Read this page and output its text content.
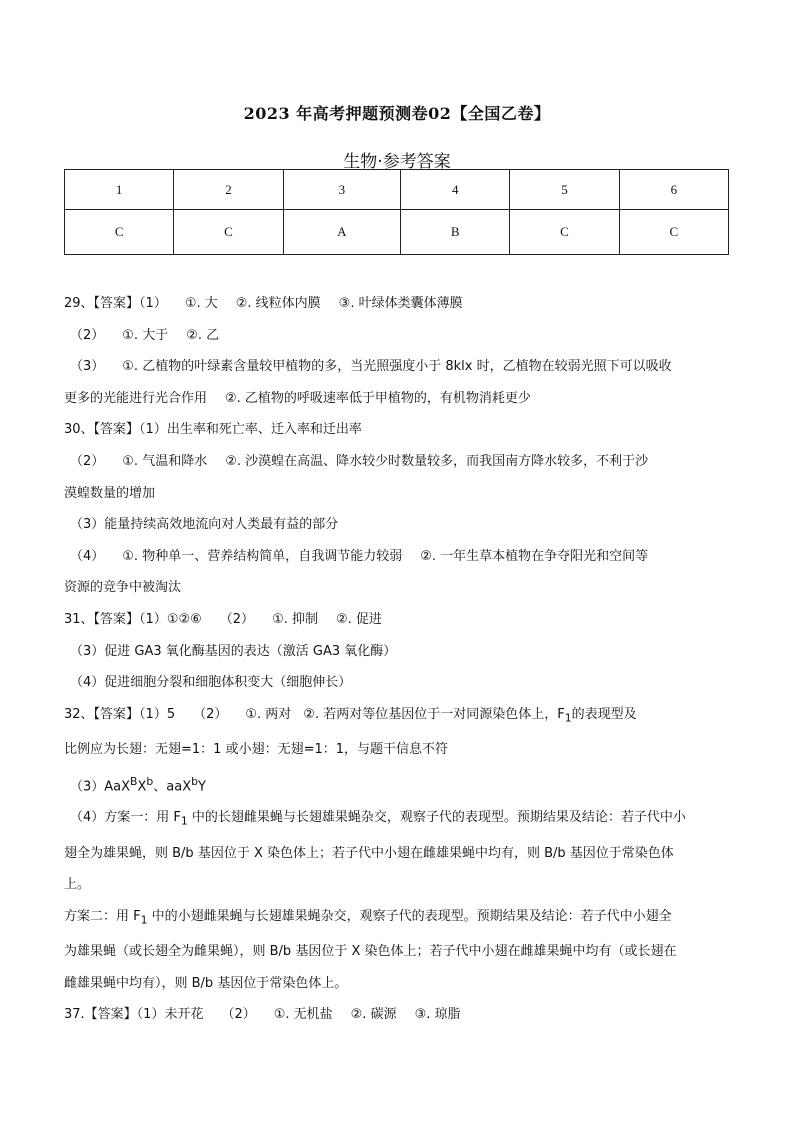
2023 年高考押题预测卷02【全国乙卷】
生物·参考答案
1	2	3	4	5	6
C	C	A	B	C	C
29、【答案】（1） ①. 大 ②. 线粒体内膜 ③. 叶绿体类囊体薄膜
（2） ①. 大于 ②. 乙
（3） ①. 乙植物的叶绿素含量较甲植物的多，当光照强度小于 8klx 时，乙植物在较弱光照下可以吸收
更多的光能进行光合作用 ②. 乙植物的呼吸速率低于甲植物的，有机物消耗更少
30、【答案】（1）出生率和死亡率、迁入率和迁出率
（2） ①. 气温和降水 ②. 沙漠蝗在高温、降水较少时数量较多，而我国南方降水较多，不利于沙
漠蝗数量的增加
（3）能量持续高效地流向对人类最有益的部分
（4） ①. 物种单一、营养结构简单，自我调节能力较弱 ②. 一年生草本植物在争夺阳光和空间等
资源的竞争中被淘汰
31、【答案】（1）①②⑥ （2） ①. 抑制 ②. 促进
（3）促进 GA3 氧化酶基因的表达（激活 GA3 氧化酶）
（4）促进细胞分裂和细胞体积变大（细胞伸长）
32、【答案】（1）5 （2） ①. 两对 ②. 若两对等位基因位于一对同源染色体上，$F_1$的表现型及
比例应为长翅：无翅=1：1 或小翅：无翅=1：1，与题干信息不符
$(3)AaX^BX^b$、aaX$^b$Y
（4）方案一：用 $F_1$ 中的长翅雌果蝇与长翅雄果蝇杂交，观察子代的表现型。预期结果及结论：若子代中小
翅全为雄果蝇，则 B/b 基因位于 X 染色体上；若子代中小翅在雌雄果蝇中均有，则 B/b 基因位于常染色体
上。
方案二：用 $F_1$ 中的小翅雌果蝇与长翅雄果蝇杂交，观察子代的表现型。预期结果及结论：若子代中小翅全
为雄果蝇（或长翅全为雌果蝇），则 B/b 基因位于 X 染色体上；若子代中小翅在雌雄果蝇中均有（或长翅在
雌雄果蝇中均有），则 B/b 基因位于常染色体上。
37.【答案】（1）未开花 （2） ①. 无机盐 ②. 碳源 ③. 琼脂
